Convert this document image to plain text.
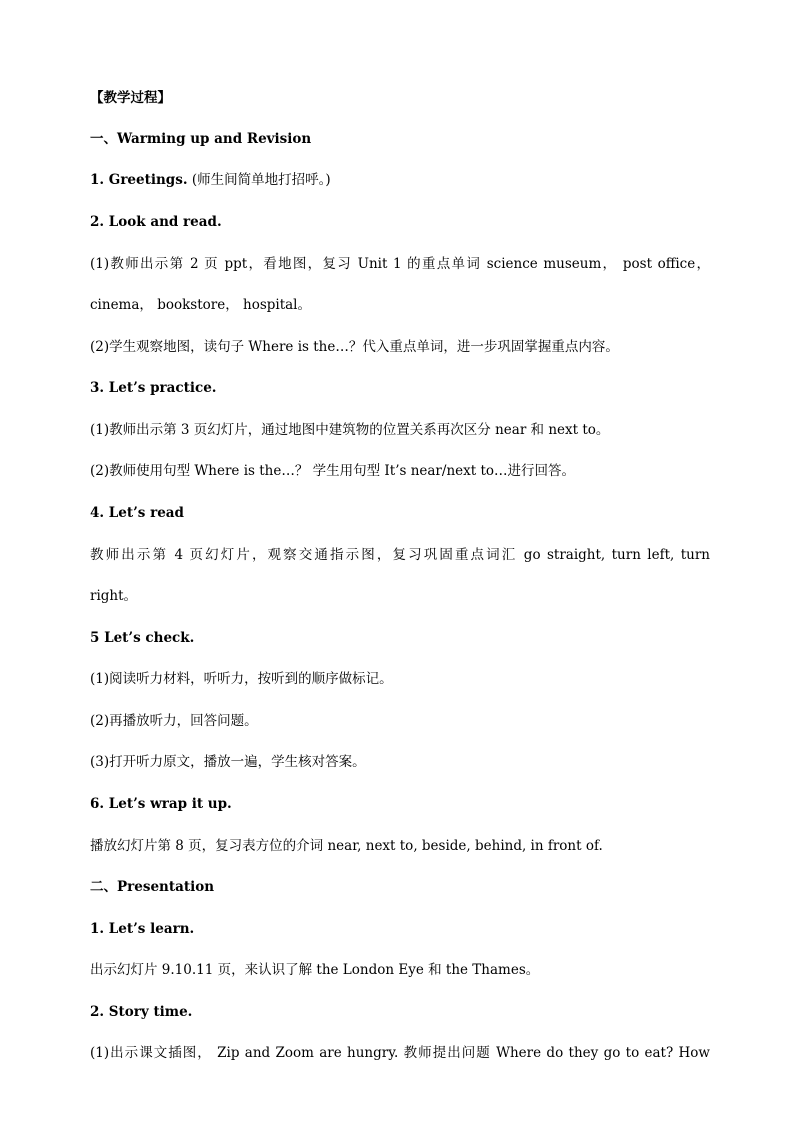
【教学过程】
一、Warming up and Revision
1. Greetings. (师生间简单地打招呼。)
2. Look and read.
(1)教师出示第 2 页 ppt，看地图，复习 Unit 1 的重点单词 science museum， post office，
cinema， bookstore， hospital。
(2)学生观察地图，读句子 Where is the…？代入重点单词，进一步巩固掌握重点内容。
3. Let’s practice.
(1)教师出示第 3 页幻灯片，通过地图中建筑物的位置关系再次区分 near 和 next to。
(2)教师使用句型 Where is the…？ 学生用句型 It’s near/next to…进行回答。
4. Let’s read
教师出示第 4 页幻灯片，观察交通指示图，复习巩固重点词汇 go straight, turn left, turn
right。
5 Let’s check.
(1)阅读听力材料，听听力，按听到的顺序做标记。
(2)再播放听力，回答问题。
(3)打开听力原文，播放一遍，学生核对答案。
6. Let’s wrap it up.
播放幻灯片第 8 页，复习表方位的介词 near, next to, beside, behind, in front of.
二、Presentation
1. Let’s learn.
出示幻灯片 9.10.11 页，来认识了解 the London Eye 和 the Thames。
2. Story time.
(1)出示课文插图， Zip and Zoom are hungry. 教师提出问题 Where do they go to eat? How
